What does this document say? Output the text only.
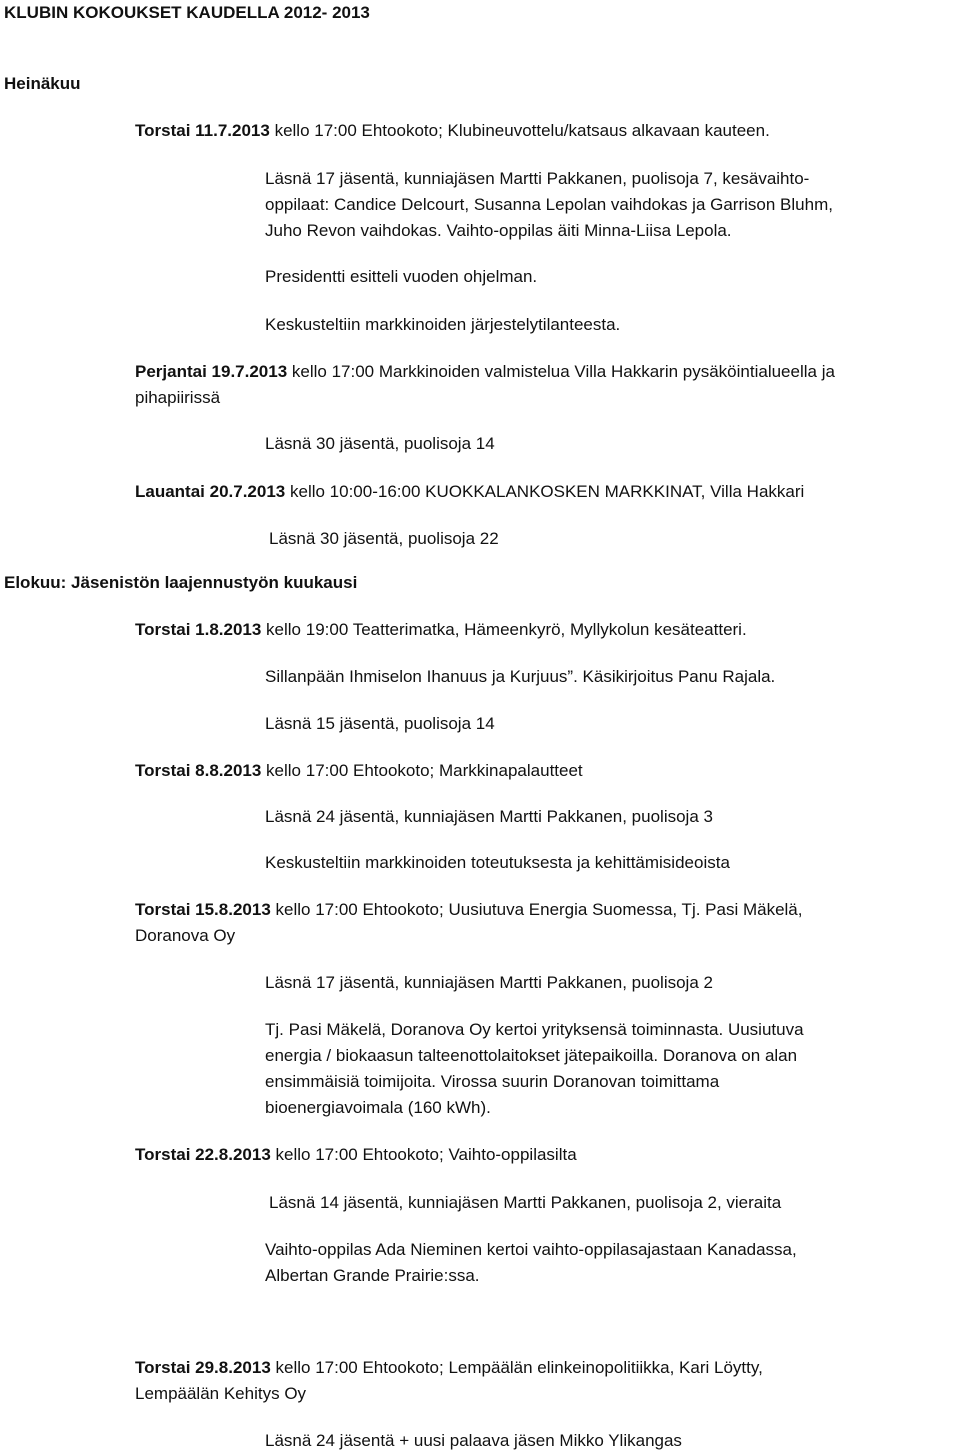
KLUBIN KOKOUKSET KAUDELLA 2012- 2013
Heinäkuu
Torstai 11.7.2013 kello 17:00 Ehtookoto; Klubineuvottelu/katsaus alkavaan kauteen.
Läsnä 17 jäsentä, kunniajäsen Martti Pakkanen, puolisoja 7, kesävaihto-
oppilaat: Candice Delcourt, Susanna Lepolan vaihdokas ja Garrison Bluhm,
Juho Revon vaihdokas. Vaihto-oppilas äiti Minna-Liisa Lepola.
Presidentti esitteli vuoden ohjelman.
Keskusteltiin markkinoiden järjestelytilanteesta.
Perjantai 19.7.2013 kello 17:00 Markkinoiden valmistelua Villa Hakkarin pysäköintialueella ja
pihapiirissä
Läsnä 30 jäsentä, puolisoja 14
Lauantai 20.7.2013 kello 10:00-16:00 KUOKKALANKOSKEN MARKKINAT, Villa Hakkari
Läsnä 30 jäsentä, puolisoja 22
Elokuu: Jäsenistön laajennustyön kuukausi
Torstai 1.8.2013 kello 19:00 Teatterimatka, Hämeenkyrö, Myllykolun kesäteatteri.
Sillanpään Ihmiselon Ihanuus ja Kurjuus”. Käsikirjoitus Panu Rajala.
Läsnä 15 jäsentä, puolisoja 14
Torstai 8.8.2013 kello 17:00 Ehtookoto; Markkinapalautteet
Läsnä 24 jäsentä, kunniajäsen Martti Pakkanen, puolisoja 3
Keskusteltiin markkinoiden toteutuksesta ja kehittämisideoista
Torstai 15.8.2013 kello 17:00 Ehtookoto; Uusiutuva Energia Suomessa, Tj. Pasi Mäkelä,
Doranova Oy
Läsnä 17 jäsentä, kunniajäsen Martti Pakkanen, puolisoja 2
Tj. Pasi Mäkelä, Doranova Oy kertoi yrityksensä toiminnasta. Uusiutuva
energia / biokaasun talteenottolaitokset jätepaikoilla. Doranova on alan
ensimmäisiä toimijoita. Virossa suurin Doranovan toimittama
bioenergiavoimala (160 kWh).
Torstai 22.8.2013 kello 17:00 Ehtookoto; Vaihto-oppilasilta
Läsnä 14 jäsentä, kunniajäsen Martti Pakkanen, puolisoja 2, vieraita
Vaihto-oppilas Ada Nieminen kertoi vaihto-oppilasajastaan Kanadassa,
Albertan Grande Prairie:ssa.
Torstai 29.8.2013 kello 17:00 Ehtookoto; Lempäälän elinkeinopolitiikka, Kari Löytty,
Lempäälän Kehitys Oy
Läsnä 24 jäsentä + uusi palaava jäsen Mikko Ylikangas
